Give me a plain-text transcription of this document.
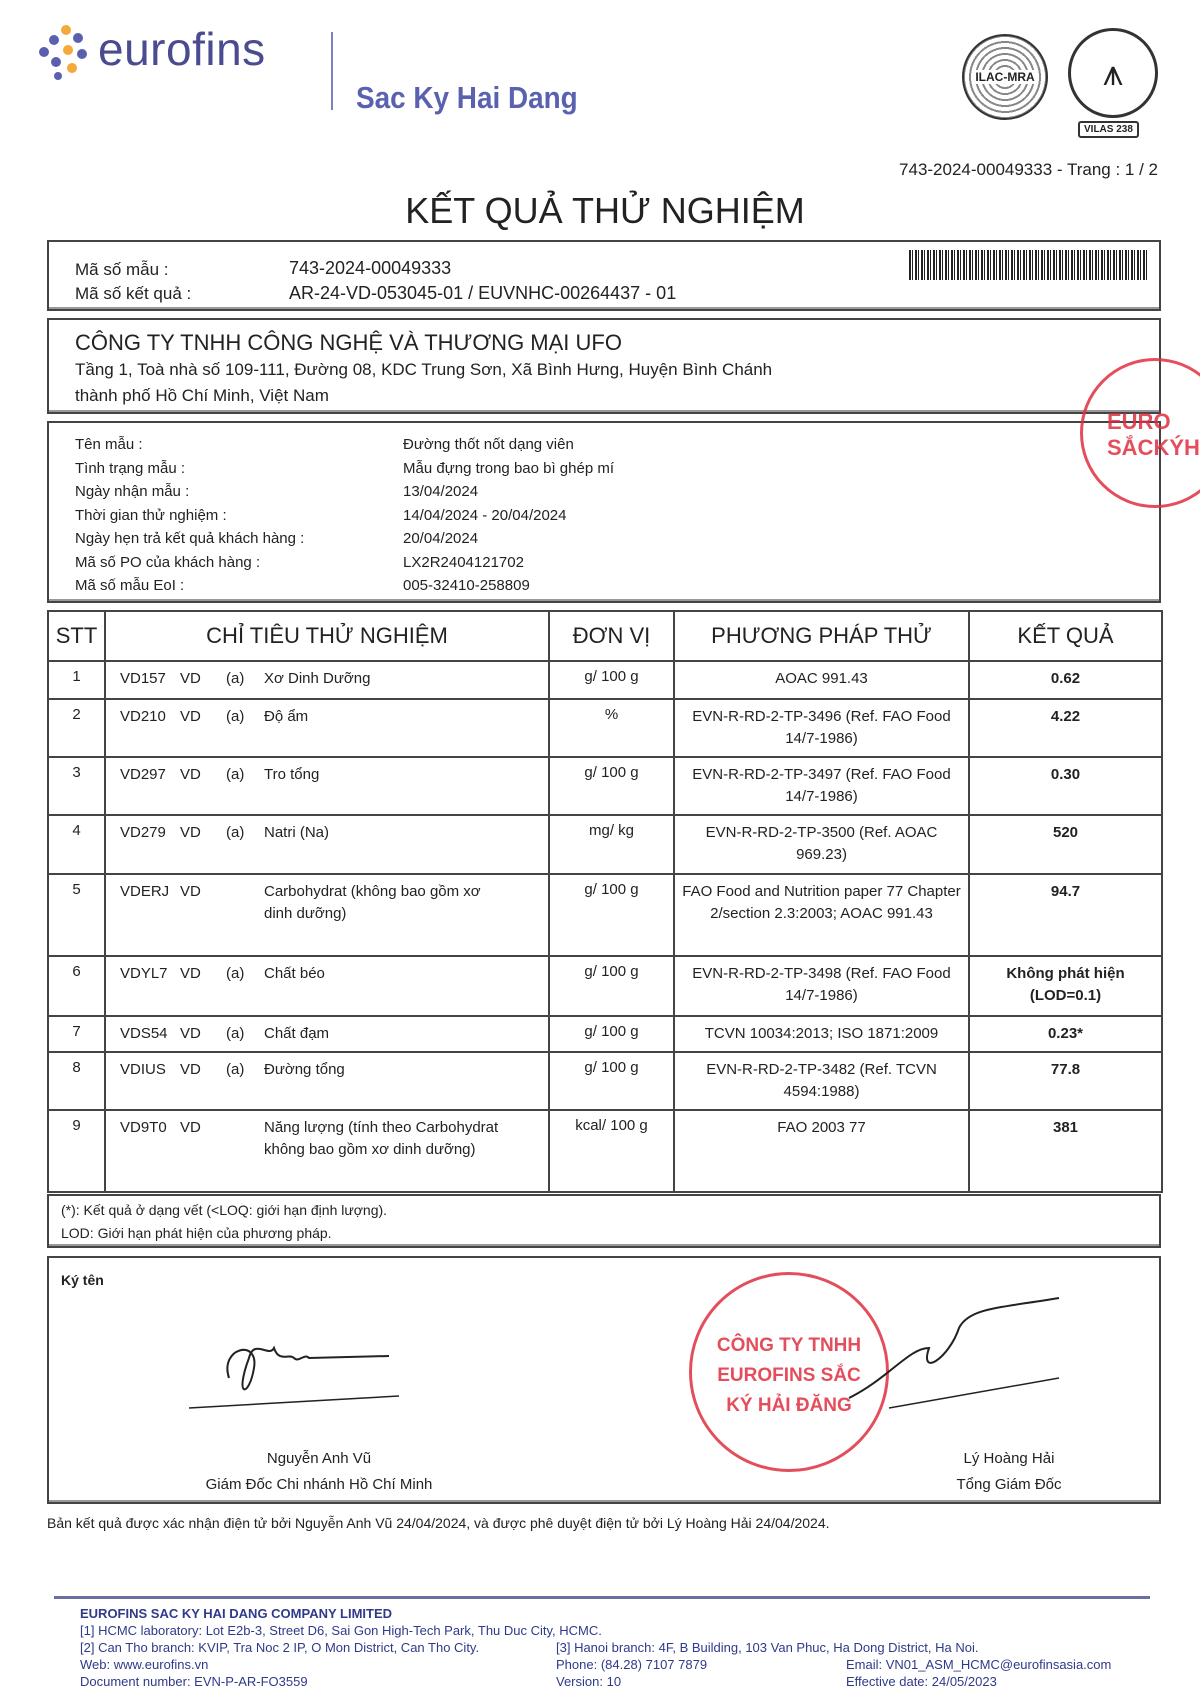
eurofins
Sac Ky Hai Dang
ILAC-MRA	⩚
VILAS 238
743-2024-00049333 - Trang : 1 / 2
KẾT QUẢ THỬ NGHIỆM
Mã số mẫu :	743-2024-00049333
Mã số kết quả :	AR-24-VD-053045-01 / EUVNHC-00264437 - 01
CÔNG TY TNHH CÔNG NGHỆ VÀ THƯƠNG MẠI UFO
Tầng 1, Toà nhà số 109-111, Đường 08, KDC Trung Sơn, Xã Bình Hưng, Huyện Bình Chánh
thành phố Hồ Chí Minh, Việt Nam
Tên mẫu :	Đường thốt nốt dạng viên
Tình trạng mẫu :	Mẫu đựng trong bao bì ghép mí
Ngày nhận mẫu :	13/04/2024
Thời gian thử nghiệm :	14/04/2024 - 20/04/2024
Ngày hẹn trả kết quả khách hàng :	20/04/2024
Mã số PO của khách hàng :	LX2R2404121702
Mã số mẫu EoI :	005-32410-258809
EURO
SẮCKÝH
STT	CHỈ TIÊU THỬ NGHIỆM	ĐƠN VỊ	PHƯƠNG PHÁP THỬ	KẾT QUẢ
1	VD157 VD (a) Xơ Dinh Dưỡng	g/ 100 g	AOAC 991.43	0.62
2	VD210 VD (a) Độ ẩm	%	EVN-R-RD-2-TP-3496 (Ref. FAO Food 14/7-1986)	4.22
3	VD297 VD (a) Tro tổng	g/ 100 g	EVN-R-RD-2-TP-3497 (Ref. FAO Food 14/7-1986)	0.30
4	VD279 VD (a) Natri (Na)	mg/ kg	EVN-R-RD-2-TP-3500 (Ref. AOAC 969.23)	520
5	VDERJ VD Carbohydrat (không bao gồm xơ dinh dưỡng)	g/ 100 g	FAO Food and Nutrition paper 77 Chapter 2/section 2.3:2003; AOAC 991.43	94.7
6	VDYL7 VD (a) Chất béo	g/ 100 g	EVN-R-RD-2-TP-3498 (Ref. FAO Food 14/7-1986)	Không phát hiện (LOD=0.1)
7	VDS54 VD (a) Chất đạm	g/ 100 g	TCVN 10034:2013; ISO 1871:2009	0.23*
8	VDIUS VD (a) Đường tổng	g/ 100 g	EVN-R-RD-2-TP-3482 (Ref. TCVN 4594:1988)	77.8
9	VD9T0 VD Năng lượng (tính theo Carbohydrat không bao gồm xơ dinh dưỡng)	kcal/ 100 g	FAO 2003 77	381
(*): Kết quả ở dạng vết (<LOQ: giới hạn định lượng).
LOD: Giới hạn phát hiện của phương pháp.
Ký tên
Nguyễn Anh Vũ
Giám Đốc Chi nhánh Hồ Chí Minh
CÔNG TY TNHH EUROFINS SẮC KÝ HẢI ĐĂNG
Lý Hoàng Hải
Tổng Giám Đốc
Bản kết quả được xác nhận điện tử bởi Nguyễn Anh Vũ 24/04/2024, và được phê duyệt điện tử bởi Lý Hoàng Hải 24/04/2024.
EUROFINS SAC KY HAI DANG COMPANY LIMITED
[1] HCMC laboratory: Lot E2b-3, Street D6, Sai Gon High-Tech Park, Thu Duc City, HCMC.
[2] Can Tho branch: KVIP, Tra Noc 2 IP, O Mon District, Can Tho City.	[3] Hanoi branch: 4F, B Building, 103 Van Phuc, Ha Dong District, Ha Noi.
Web: www.eurofins.vn	Phone: (84.28) 7107 7879	Email: VN01_ASM_HCMC@eurofinsasia.com
Document number: EVN-P-AR-FO3559	Version: 10	Effective date: 24/05/2023
